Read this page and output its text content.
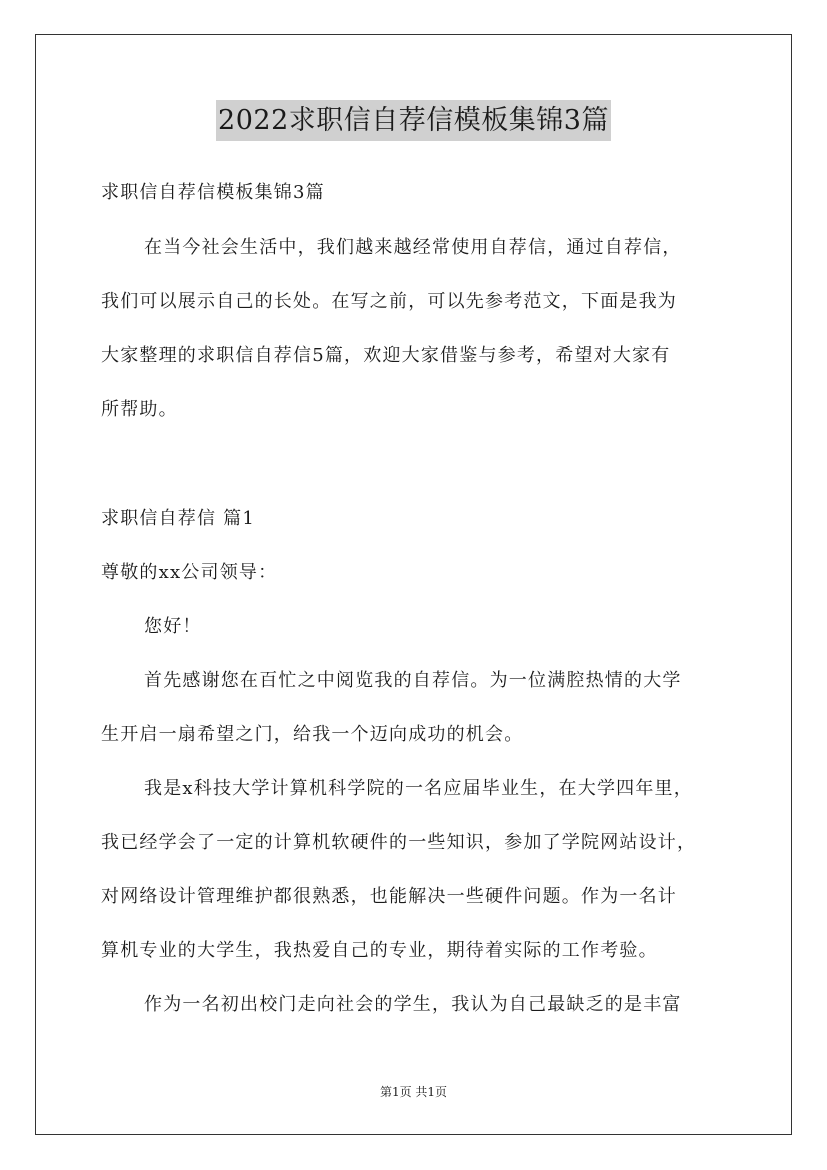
2022求职信自荐信模板集锦3篇
求职信自荐信模板集锦3篇
在当今社会生活中，我们越来越经常使用自荐信，通过自荐信，
我们可以展示自己的长处。在写之前，可以先参考范文，下面是我为
大家整理的求职信自荐信5篇，欢迎大家借鉴与参考，希望对大家有
所帮助。
求职信自荐信 篇1
尊敬的xx公司领导：
您好！
首先感谢您在百忙之中阅览我的自荐信。为一位满腔热情的大学
生开启一扇希望之门，给我一个迈向成功的机会。
我是x科技大学计算机科学院的一名应届毕业生，在大学四年里，
我已经学会了一定的计算机软硬件的一些知识，参加了学院网站设计，
对网络设计管理维护都很熟悉，也能解决一些硬件问题。作为一名计
算机专业的大学生，我热爱自己的专业，期待着实际的工作考验。
作为一名初出校门走向社会的学生，我认为自己最缺乏的是丰富
第1页 共1页
